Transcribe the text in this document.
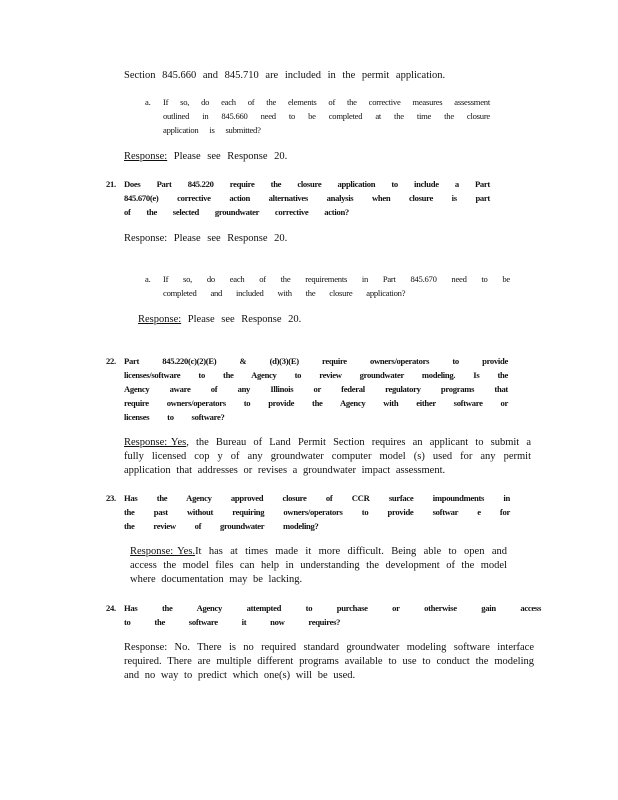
Section 845.660 and 845.710 are included in the permit application.
a. If so, do each of the elements of the corrective measures assessment outlined in 845.660 need to be completed at the time the closure application is submitted?
Response: Please see Response 20.
21. Does Part 845.220 require the closure application to include a Part 845.670(e) corrective action alternatives analysis when closure is part of the selected groundwater corrective action?
Response: Please see Response 20.
a. If so, do each of the requirements in Part 845.670 need to be completed and included with the closure application?
Response: Please see Response 20.
22. Part 845.220(c)(2)(E) & (d)(3)(E) require owners/operators to provide licenses/software to the Agency to review groundwater modeling. Is the Agency aware of any Illinois or federal regulatory programs that require owners/operators to provide the Agency with either software or licenses to software?
Response: Yes, the Bureau of Land Permit Section requires an applicant to submit a fully licensed cop y of any groundwater computer model (s) used for any permit application that addresses or revises a groundwater impact assessment.
23. Has the Agency approved closure of CCR surface impoundments in the past without requiring owners/operators to provide softwar e for the review of groundwater modeling?
Response: Yes.It has at times made it more difficult. Being able to open and access the model files can help in understanding the development of the model where documentation may be lacking.
24. Has the Agency attempted to purchase or otherwise gain access to the software it now requires?
Response: No. There is no required standard groundwater modeling software interface required. There are multiple different programs available to use to conduct the modeling and no way to predict which one(s) will be used.
